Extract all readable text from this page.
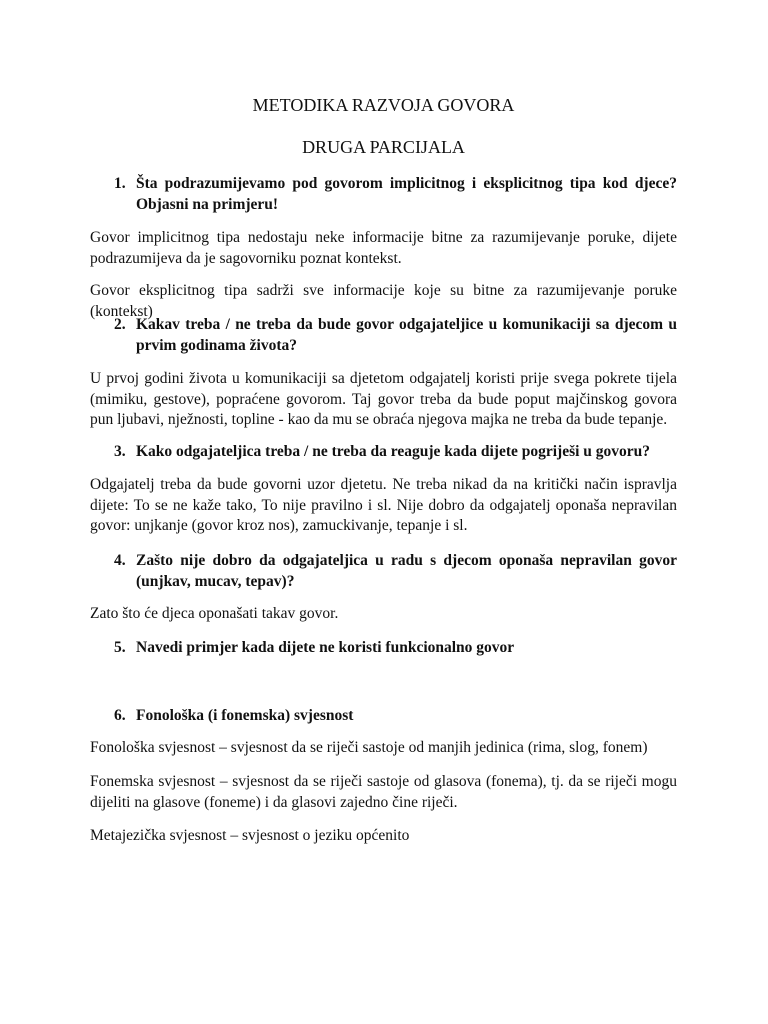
METODIKA RAZVOJA GOVORA
DRUGA PARCIJALA
1. Šta podrazumijevamo pod govorom implicitnog i eksplicitnog tipa kod djece? Objasni na primjeru!

Govor implicitnog tipa nedostaju neke informacije bitne za razumijevanje poruke, dijete podrazumijeva da je sagovorniku poznat kontekst.

Govor eksplicitnog tipa sadrži sve informacije koje su bitne za razumijevanje poruke (kontekst)

2. Kakav treba / ne treba da bude govor odgajateljice u komunikaciji sa djecom u prvim godinama života?

U prvoj godini života u komunikaciji sa djetetom odgajatelj koristi prije svega pokrete tijela (mimiku, gestove), popraćene govorom. Taj govor treba da bude poput majčinskog govora pun ljubavi, nježnosti, topline - kao da mu se obraća njegova majka ne treba da bude tepanje.

3. Kako odgajateljica treba / ne treba da reaguje kada dijete pogriješi u govoru?

Odgajatelj treba da bude govorni uzor djetetu. Ne treba nikad da na kritički način ispravlja dijete: To se ne kaže tako, To nije pravilno i sl. Nije dobro da odgajatelj oponaša nepravilan govor: unjkanje (govor kroz nos), zamuckivanje, tepanje i sl.

4. Zašto nije dobro da odgajateljica u radu s djecom oponaša nepravilan govor (unjkav, mucav, tepav)?

Zato što će djeca oponašati takav govor.

5. Navedi primjer kada dijete ne koristi funkcionalno govor
6. Fonološka (i fonemska) svjesnost

Fonološka svjesnost – svjesnost da se riječi sastoje od manjih jedinica (rima, slog, fonem)

Fonemska svjesnost – svjesnost da se riječi sastoje od glasova (fonema), tj. da se riječi mogu dijeliti na glasove (foneme) i da glasovi zajedno čine riječi.

Metajezička svjesnost – svjesnost o jeziku općenito
